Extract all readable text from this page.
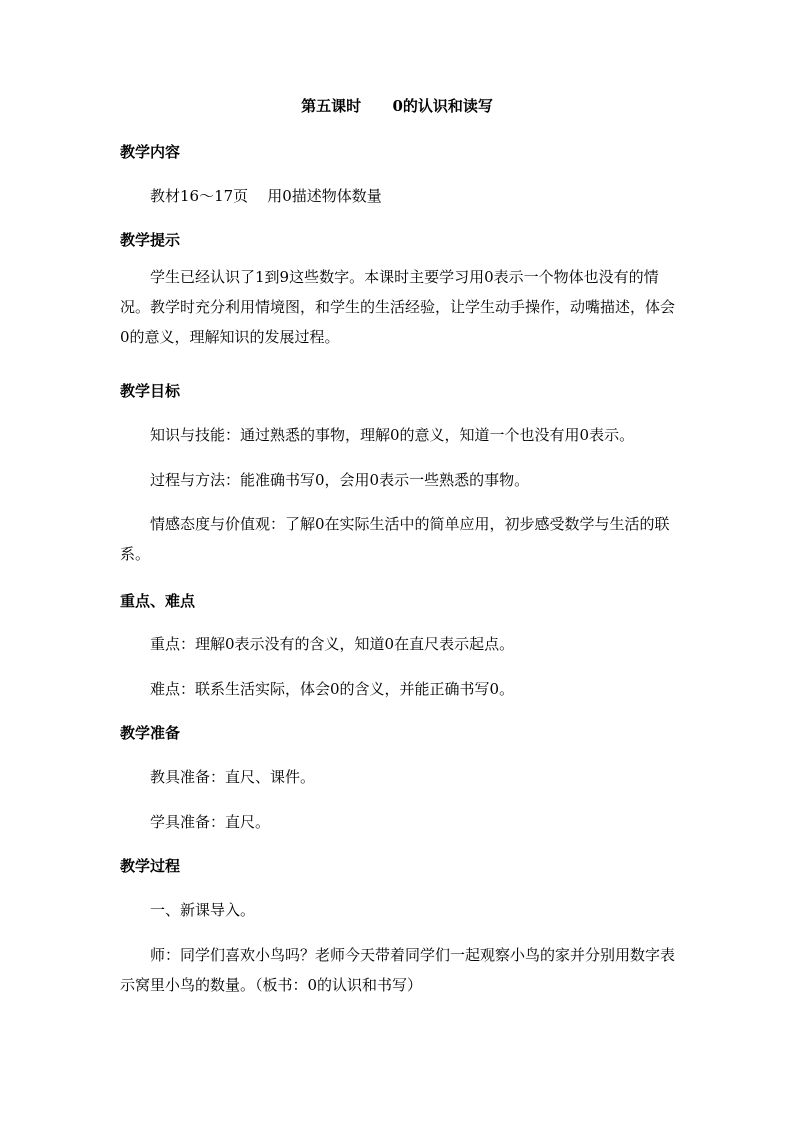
第五课时      0的认识和读写
教学内容

教材16～17页    用0描述物体数量

教学提示

学生已经认识了1到9这些数字。本课时主要学习用0表示一个物体也没有的情况。教学时充分利用情境图，和学生的生活经验，让学生动手操作，动嘴描述，体会0的意义，理解知识的发展过程。

教学目标

知识与技能：通过熟悉的事物，理解0的意义，知道一个也没有用0表示。

过程与方法：能准确书写0，会用0表示一些熟悉的事物。

情感态度与价值观：了解0在实际生活中的简单应用，初步感受数学与生活的联系。

重点、难点

重点：理解0表示没有的含义，知道0在直尺表示起点。

难点：联系生活实际，体会0的含义，并能正确书写0。

教学准备

教具准备：直尺、课件。

学具准备：直尺。

教学过程

一、新课导入。

师：同学们喜欢小鸟吗？老师今天带着同学们一起观察小鸟的家并分别用数字表示窝里小鸟的数量。（板书：0的认识和书写）
